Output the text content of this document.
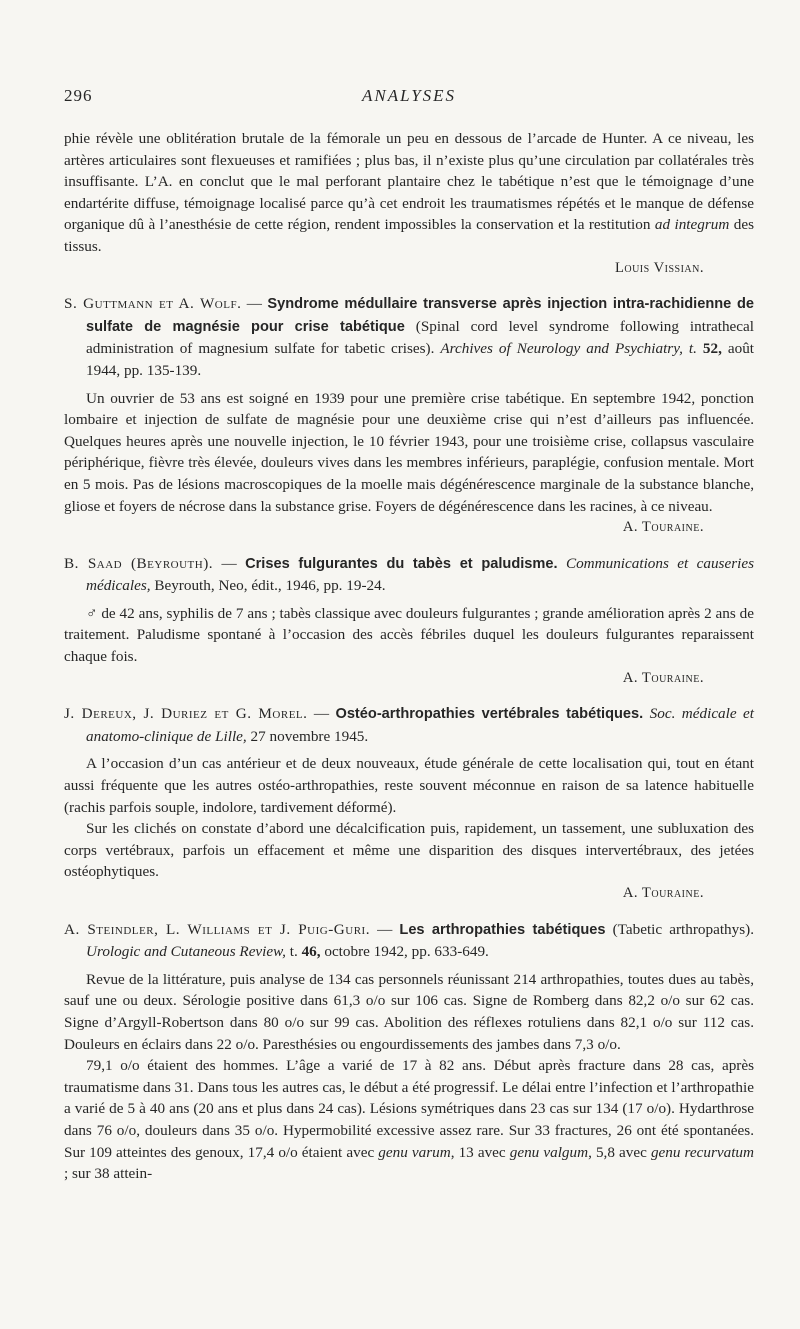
296	ANALYSES

phie révèle une oblitération brutale de la fémorale un peu en dessous de l’arcade de Hunter. A ce niveau, les artères articulaires sont flexueuses et ramifiées ; plus bas, il n’existe plus qu’une circulation par collatérales très insuffisante. L’A. en conclut que le mal perforant plantaire chez le tabétique n’est que le témoignage d’une endartérite diffuse, témoignage localisé parce qu’à cet endroit les traumatismes répétés et le manque de défense organique dû à l’anesthésie de cette région, rendent impossibles la conservation et la restitution ad integrum des tissus.

Louis Vissian.

S. Guttmann et A. Wolf. — Syndrome médullaire transverse après injection intra-rachidienne de sulfate de magnésie pour crise tabétique (Spinal cord level syndrome following intrathecal administration of magnesium sulfate for tabetic crises). Archives of Neurology and Psychiatry, t. 52, août 1944, pp. 135-139.

Un ouvrier de 53 ans est soigné en 1939 pour une première crise tabétique. En septembre 1942, ponction lombaire et injection de sulfate de magnésie pour une deuxième crise qui n’est d’ailleurs pas influencée. Quelques heures après une nouvelle injection, le 10 février 1943, pour une troisième crise, collapsus vasculaire périphérique, fièvre très élevée, douleurs vives dans les membres inférieurs, paraplégie, confusion mentale. Mort en 5 mois. Pas de lésions macroscopiques de la moelle mais dégénérescence marginale de la substance blanche, gliose et foyers de nécrose dans la substance grise. Foyers de dégénérescence dans les racines, à ce niveau.

A. Touraine.

B. Saad (Beyrouth). — Crises fulgurantes du tabès et paludisme. Communications et causeries médicales, Beyrouth, Neo, édit., 1946, pp. 19-24.

♂ de 42 ans, syphilis de 7 ans ; tabès classique avec douleurs fulgurantes ; grande amélioration après 2 ans de traitement. Paludisme spontané à l’occasion des accès fébriles duquel les douleurs fulgurantes reparaissent chaque fois.

A. Touraine.

J. Dereux, J. Duriez et G. Morel. — Ostéo-arthropathies vertébrales tabétiques. Soc. médicale et anatomo-clinique de Lille, 27 novembre 1945.

A l’occasion d’un cas antérieur et de deux nouveaux, étude générale de cette localisation qui, tout en étant aussi fréquente que les autres ostéo-arthropathies, reste souvent méconnue en raison de sa latence habituelle (rachis parfois souple, indolore, tardivement déformé).

Sur les clichés on constate d’abord une décalcification puis, rapidement, un tassement, une subluxation des corps vertébraux, parfois un effacement et même une disparition des disques intervertébraux, des jetées ostéophytiques.

A. Touraine.

A. Steindler, L. Williams et J. Puig-Guri. — Les arthropathies tabétiques (Tabetic arthropathys). Urologic and Cutaneous Review, t. 46, octobre 1942, pp. 633-649.

Revue de la littérature, puis analyse de 134 cas personnels réunissant 214 arthropathies, toutes dues au tabès, sauf une ou deux. Sérologie positive dans 61,3 o/o sur 106 cas. Signe de Romberg dans 82,2 o/o sur 62 cas. Signe d’Argyll-Robertson dans 80 o/o sur 99 cas. Abolition des réflexes rotuliens dans 82,1 o/o sur 112 cas. Douleurs en éclairs dans 22 o/o. Paresthésies ou engourdissements des jambes dans 7,3 o/o.

79,1 o/o étaient des hommes. L’âge a varié de 17 à 82 ans. Début après fracture dans 28 cas, après traumatisme dans 31. Dans tous les autres cas, le début a été progressif. Le délai entre l’infection et l’arthropathie a varié de 5 à 40 ans (20 ans et plus dans 24 cas). Lésions symétriques dans 23 cas sur 134 (17 o/o). Hydarthrose dans 76 o/o, douleurs dans 35 o/o. Hypermobilité excessive assez rare. Sur 33 fractures, 26 ont été spontanées. Sur 109 atteintes des genoux, 17,4 o/o étaient avec genu varum, 13 avec genu valgum, 5,8 avec genu recurvatum ; sur 38 attein-
